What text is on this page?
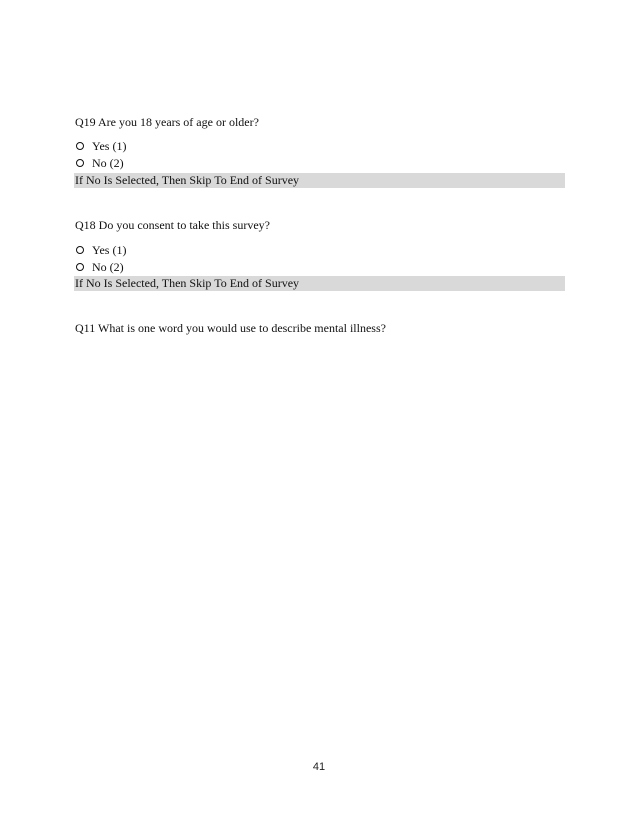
Q19 Are you 18 years of age or older?
Yes (1)
No (2)
If No Is Selected, Then Skip To End of Survey
Q18 Do you consent to take this survey?
Yes (1)
No (2)
If No Is Selected, Then Skip To End of Survey
Q11 What is one word you would use to describe mental illness?
41
